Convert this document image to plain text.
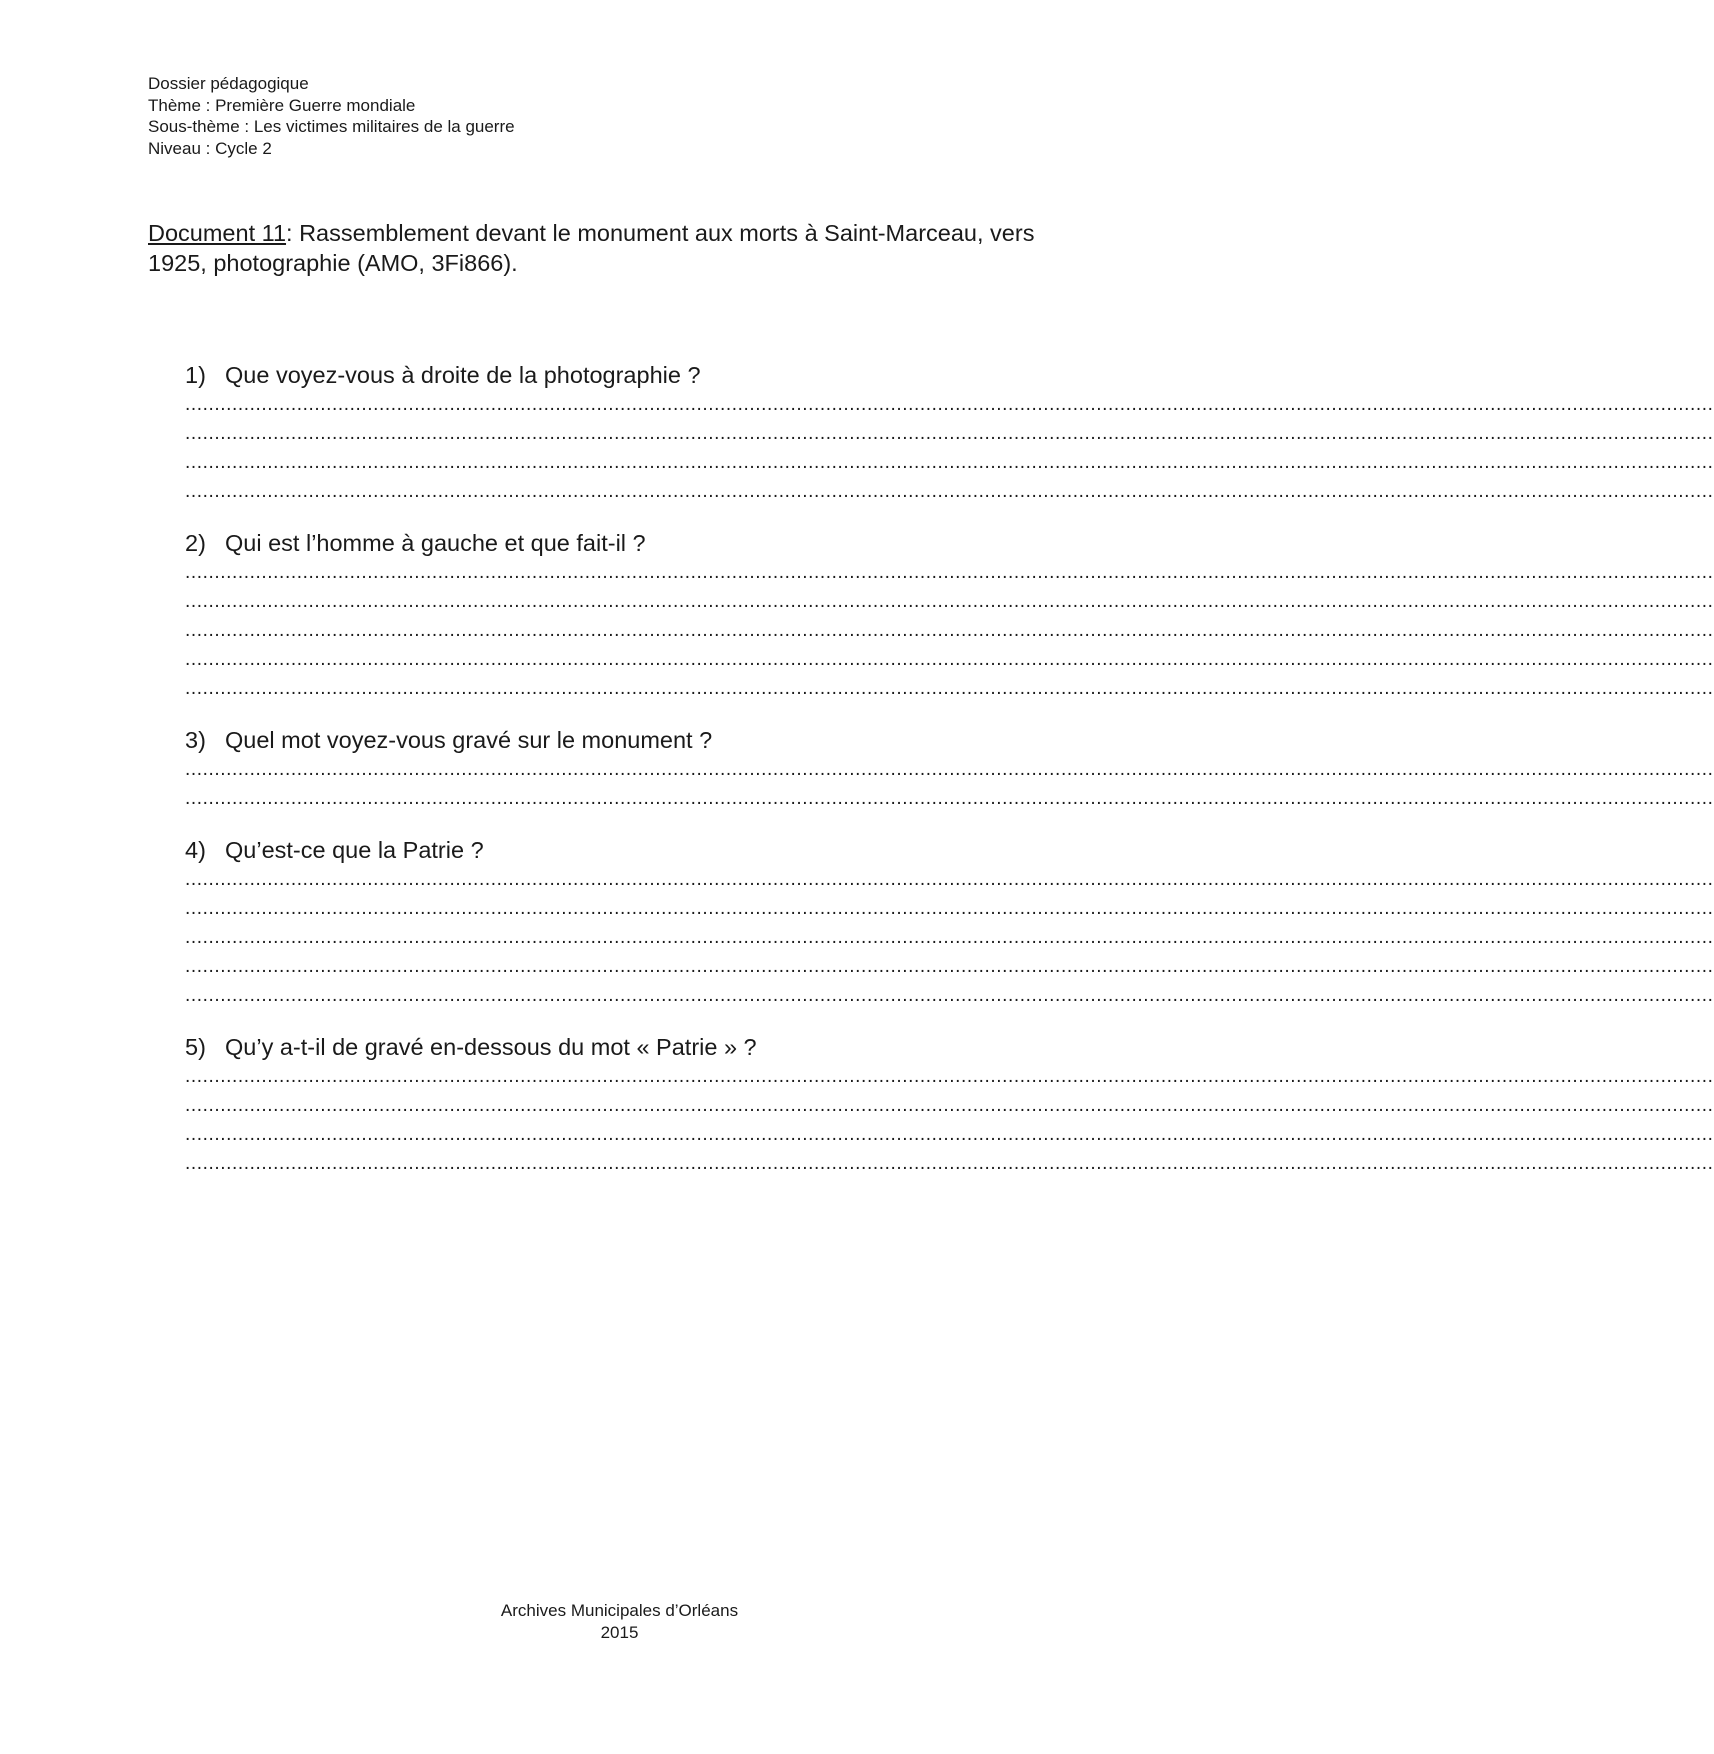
Dossier pédagogique
Thème : Première Guerre mondiale
Sous-thème : Les victimes militaires de la guerre
Niveau : Cycle 2
Document 11: Rassemblement devant le monument aux morts à Saint-Marceau, vers 1925, photographie (AMO, 3Fi866).
1) Que voyez-vous à droite de la photographie ?
....................................................................................................................................................................................................................................................................
....................................................................................................................................................................................................................................................................
....................................................................................................................................................................................................................................................................
....................................................................................................................................................................................................................................................................
2) Qui est l’homme à gauche et que fait-il ?
....................................................................................................................................................................................................................................................................
....................................................................................................................................................................................................................................................................
....................................................................................................................................................................................................................................................................
....................................................................................................................................................................................................................................................................
....................................................................................................................................................................................................................................................................
3) Quel mot voyez-vous gravé sur le monument ?
....................................................................................................................................................................................................................................................................
....................................................................................................................................................................................................................................................................
4) Qu’est-ce que la Patrie ?
....................................................................................................................................................................................................................................................................
....................................................................................................................................................................................................................................................................
....................................................................................................................................................................................................................................................................
....................................................................................................................................................................................................................................................................
....................................................................................................................................................................................................................................................................
5) Qu’y a-t-il de gravé en-dessous du mot « Patrie » ?
....................................................................................................................................................................................................................................................................
....................................................................................................................................................................................................................................................................
....................................................................................................................................................................................................................................................................
....................................................................................................................................................................................................................................................................
Archives Municipales d’Orléans
2015
